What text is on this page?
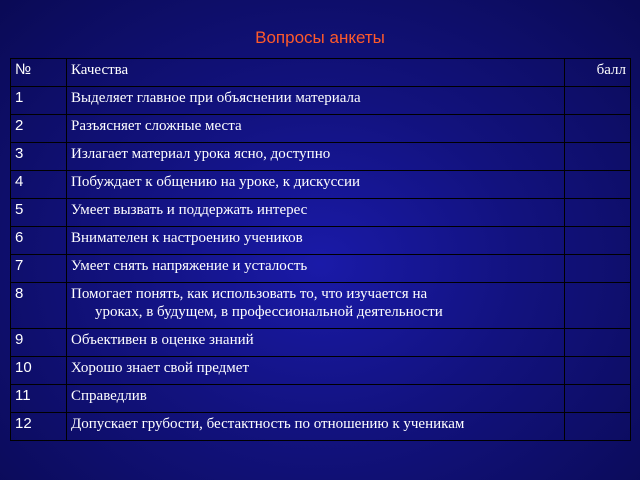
Вопросы анкеты
№	Качества	балл
1	Выделяет главное при объяснении материала	
2	Разъясняет сложные места	
3	Излагает материал урока ясно, доступно	
4	Побуждает к общению на уроке, к дискуссии	
5	Умеет вызвать и поддержать интерес	
6	Внимателен к настроению учеников	
7	Умеет снять напряжение и усталость	
8	Помогает понять, как использовать то, что изучается на
уроках, в будущем, в профессиональной деятельности	

9	Объективен в оценке знаний	
10	Хорошо знает свой предмет	
11	Справедлив	
12	Допускает грубости, бестактность по отношению к ученикам	
